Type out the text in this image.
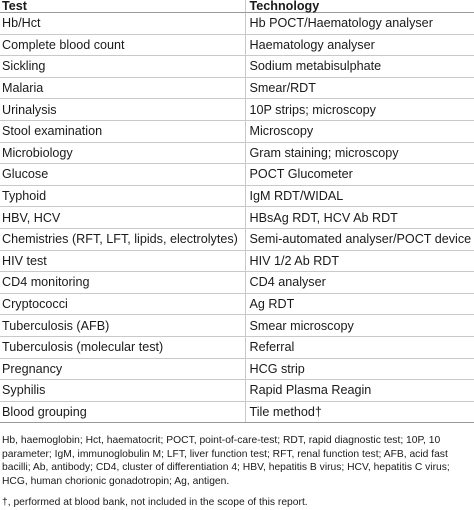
Test	Technology
Hb/Hct	Hb POCT/Haematology analyser
Complete blood count	Haematology analyser
Sickling	Sodium metabisulphate
Malaria	Smear/RDT
Urinalysis	10P strips; microscopy
Stool examination	Microscopy
Microbiology	Gram staining; microscopy
Glucose	POCT Glucometer
Typhoid	IgM RDT/WIDAL
HBV, HCV	HBsAg RDT, HCV Ab RDT
Chemistries (RFT, LFT, lipids, electrolytes)	Semi-automated analyser/POCT device
HIV test	HIV 1/2 Ab RDT
CD4 monitoring	CD4 analyser
Cryptococci	Ag RDT
Tuberculosis (AFB)	Smear microscopy
Tuberculosis (molecular test)	Referral
Pregnancy	HCG strip
Syphilis	Rapid Plasma Reagin
Blood grouping	Tile method†

Hb, haemoglobin; Hct, haematocrit; POCT, point-of-care-test; RDT, rapid diagnostic test; 10P, 10 parameter; IgM, immunoglobulin M; LFT, liver function test; RFT, renal function test; AFB, acid fast bacilli; Ab, antibody; CD4, cluster of differentiation 4; HBV, hepatitis B virus; HCV, hepatitis C virus; HCG, human chorionic gonadotropin; Ag, antigen.

†, performed at blood bank, not included in the scope of this report.
